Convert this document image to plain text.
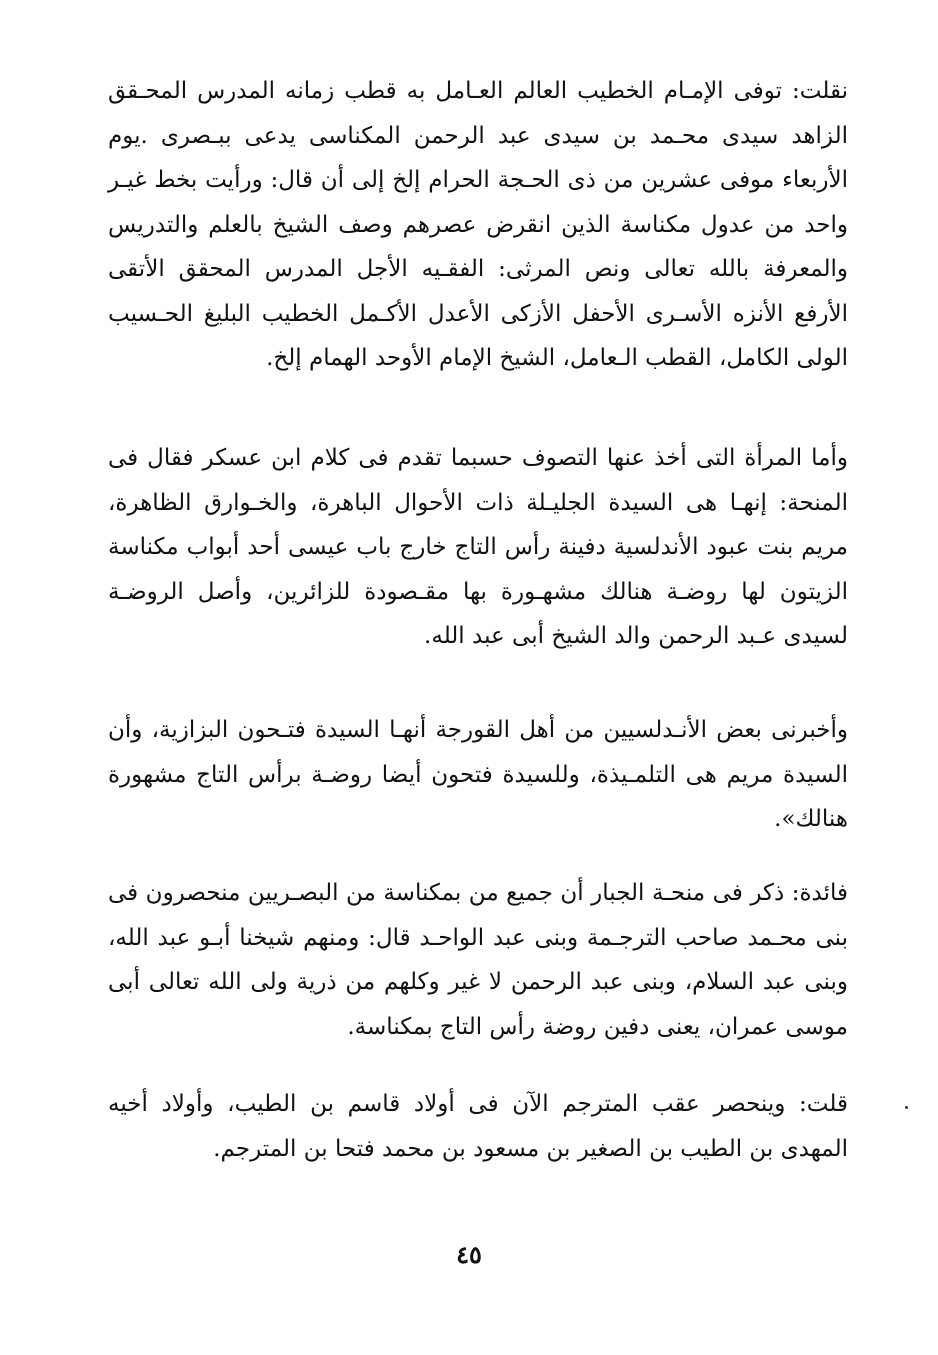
نقلت: توفى الإمـام الخطيب العالم العـامل به قطب زمانه المدرس المحـقق الزاهد سيدى محـمد بن سيدى عبد الرحمن المكناسى يدعى ببـصرى .يوم الأربعاء موفى عشرين من ذى الحـجة الحرام إلخ إلى أن قال: ورأيت بخط غيـر واحد من عدول مكناسة الذين انقرض عصرهم وصف الشيخ بالعلم والتدريس والمعرفة بالله تعالى ونص المرثى: الفقـيه الأجل المدرس المحقق الأتقى الأرفع الأنزه الأسـرى الأحفل الأزكى الأعدل الأكـمل الخطيب البليغ الحـسيب الولى الكامل، القطب الـعامل، الشيخ الإمام الأوحد الهمام إلخ.

وأما المرأة التى أخذ عنها التصوف حسبما تقدم فى كلام ابن عسكر فقال فى المنحة: إنهـا هى السيدة الجليـلة ذات الأحوال الباهرة، والخـوارق الظاهرة، مريم بنت عبود الأندلسية دفينة رأس التاج خارج باب عيسى أحد أبواب مكناسة الزيتون لها روضـة هنالك مشهـورة بها مقـصودة للزائرين، وأصل الروضـة لسيدى عـبد الرحمن والد الشيخ أبى عبد الله.

وأخبرنى بعض الأنـدلسيين من أهل القورجة أنهـا السيدة فتـحون البزازية، وأن السيدة مريم هى التلمـيذة، وللسيدة فتحون أيضا روضـة برأس التاج مشهورة هنالك».

فائدة: ذكر فى منحـة الجبار أن جميع من بمكناسة من البصـريين منحصرون فى بنى محـمد صاحب الترجـمة وبنى عبد الواحـد قال: ومنهم شيخنا أبـو عبد الله، وبنى عبد السلام، وبنى عبد الرحمن لا غير وكلهم من ذرية ولى الله تعالى أبى موسى عمران، يعنى دفين روضة رأس التاج بمكناسة.

قلت: وينحصر عقب المترجم الآن فى أولاد قاسم بن الطيب، وأولاد أخيه المهدى بن الطيب بن الصغير بن مسعود بن محمد فتحا بن المترجم.

٤٥
